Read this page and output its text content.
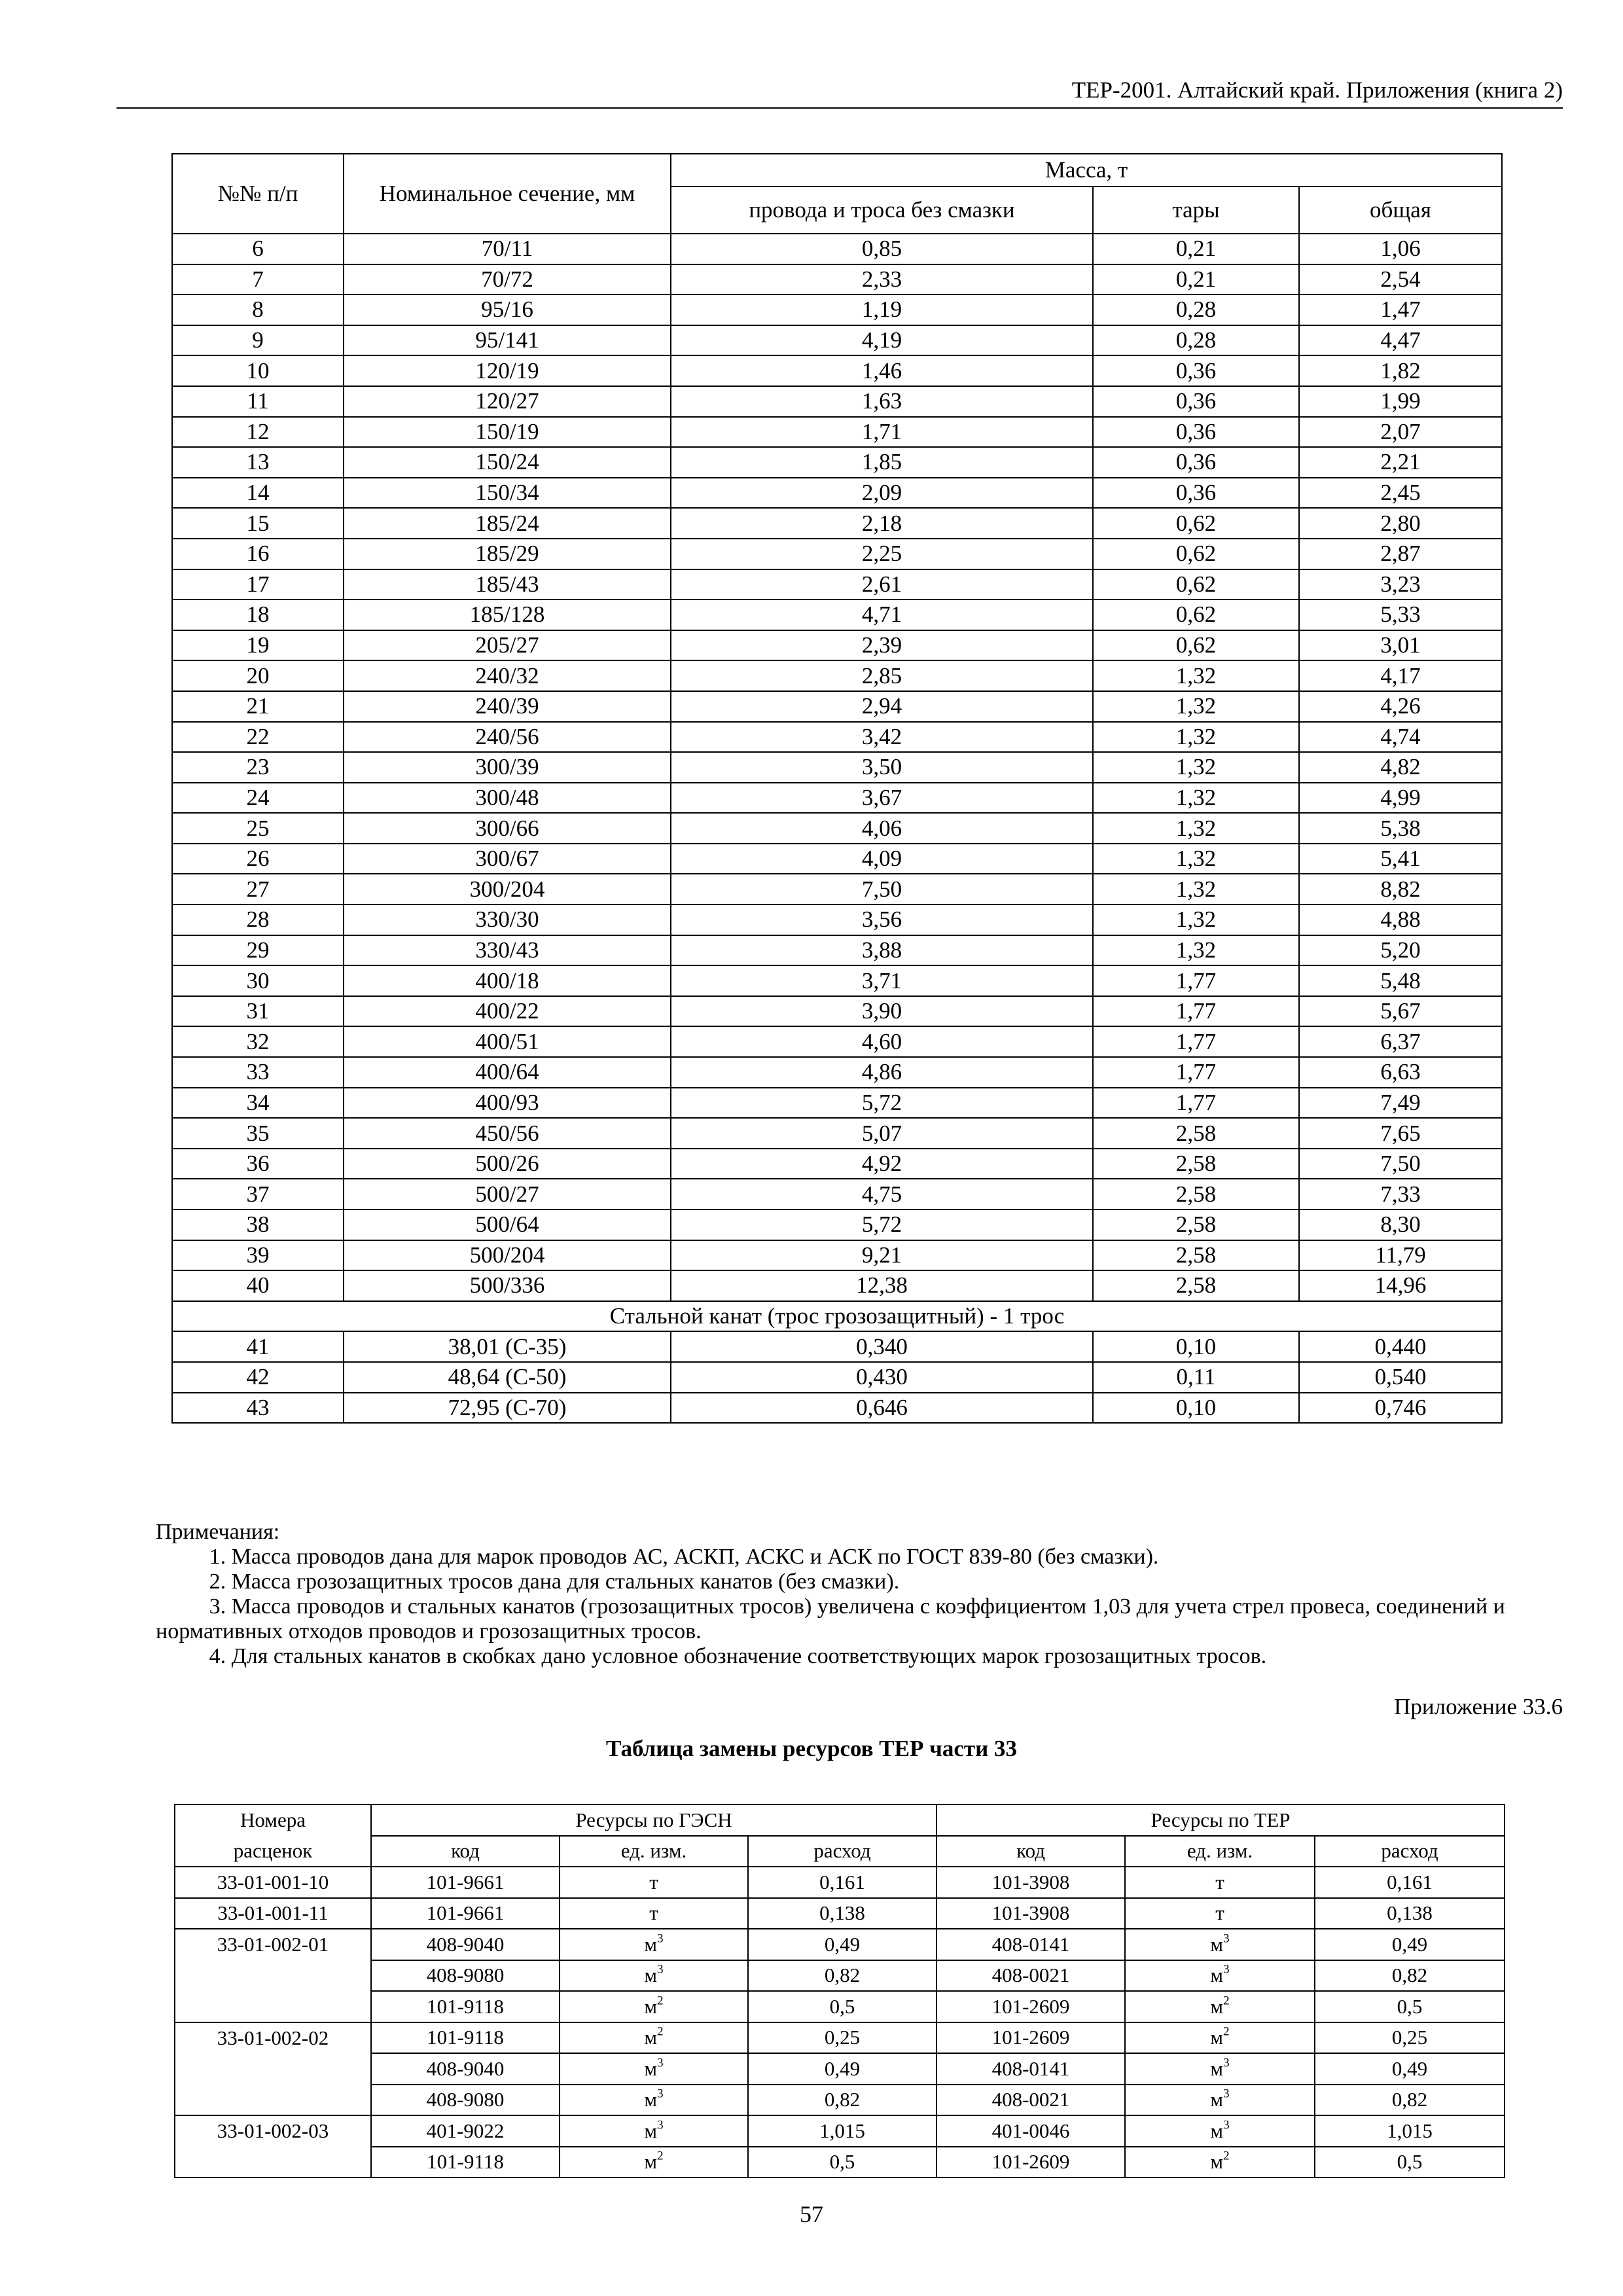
ТЕР-2001. Алтайский край. Приложения (книга 2)
№№ п/п	Номинальное сечение, мм	Масса, т		
		провода и троса без смазки	тары	общая
6	70/11	0,85	0,21	1,06
7	70/72	2,33	0,21	2,54
8	95/16	1,19	0,28	1,47
9	95/141	4,19	0,28	4,47
10	120/19	1,46	0,36	1,82
11	120/27	1,63	0,36	1,99
12	150/19	1,71	0,36	2,07
13	150/24	1,85	0,36	2,21
14	150/34	2,09	0,36	2,45
15	185/24	2,18	0,62	2,80
16	185/29	2,25	0,62	2,87
17	185/43	2,61	0,62	3,23
18	185/128	4,71	0,62	5,33
19	205/27	2,39	0,62	3,01
20	240/32	2,85	1,32	4,17
21	240/39	2,94	1,32	4,26
22	240/56	3,42	1,32	4,74
23	300/39	3,50	1,32	4,82
24	300/48	3,67	1,32	4,99
25	300/66	4,06	1,32	5,38
26	300/67	4,09	1,32	5,41
27	300/204	7,50	1,32	8,82
28	330/30	3,56	1,32	4,88
29	330/43	3,88	1,32	5,20
30	400/18	3,71	1,77	5,48
31	400/22	3,90	1,77	5,67
32	400/51	4,60	1,77	6,37
33	400/64	4,86	1,77	6,63
34	400/93	5,72	1,77	7,49
35	450/56	5,07	2,58	7,65
36	500/26	4,92	2,58	7,50
37	500/27	4,75	2,58	7,33
38	500/64	5,72	2,58	8,30
39	500/204	9,21	2,58	11,79
40	500/336	12,38	2,58	14,96
Стальной канат (трос грозозащитный) - 1 трос				
41	38,01 (С-35)	0,340	0,10	0,440
42	48,64 (С-50)	0,430	0,11	0,540
43	72,95 (С-70)	0,646	0,10	0,746

Примечания:

1. Масса проводов дана для марок проводов АС, АСКП, АСКС и АСК по ГОСТ 839-80 (без смазки).

2. Масса грозозащитных тросов дана для стальных канатов (без смазки).

3. Масса проводов и стальных канатов (грозозащитных тросов) увеличена с коэффициентом 1,03 для учета стрел провеса, соединений и нормативных отходов проводов и грозозащитных тросов.

4. Для стальных канатов в скобках дано условное обозначение соответствующих марок грозозащитных тросов.

Приложение 33.6
Таблица замены ресурсов ТЕР части 33
Номера	Ресурсы по ГЭСН			Ресурсы по ТЕР		
расценок	код	ед. изм.	расход	код	ед. изм.	расход
33-01-001-10	101-9661	т	0,161	101-3908	т	0,161
33-01-001-11	101-9661	т	0,138	101-3908	т	0,138
33-01-002-01	408-9040	$м^3$	0,49	408-0141	$м^3$	0,49
	408-9080	$м^3$	0,82	408-0021	$м^3$	0,82
	101-9118	$м^2$	0,5	101-2609	$м^2$	0,5
33-01-002-02	101-9118	$м^2$	0,25	101-2609	$м^2$	0,25
	408-9040	$м^3$	0,49	408-0141	$м^3$	0,49
	408-9080	$м^3$	0,82	408-0021	$м^3$	0,82
33-01-002-03	401-9022	$м^3$	1,015	401-0046	$м^3$	1,015
	101-9118	$м^2$	0,5	101-2609	$м^2$	0,5
57
